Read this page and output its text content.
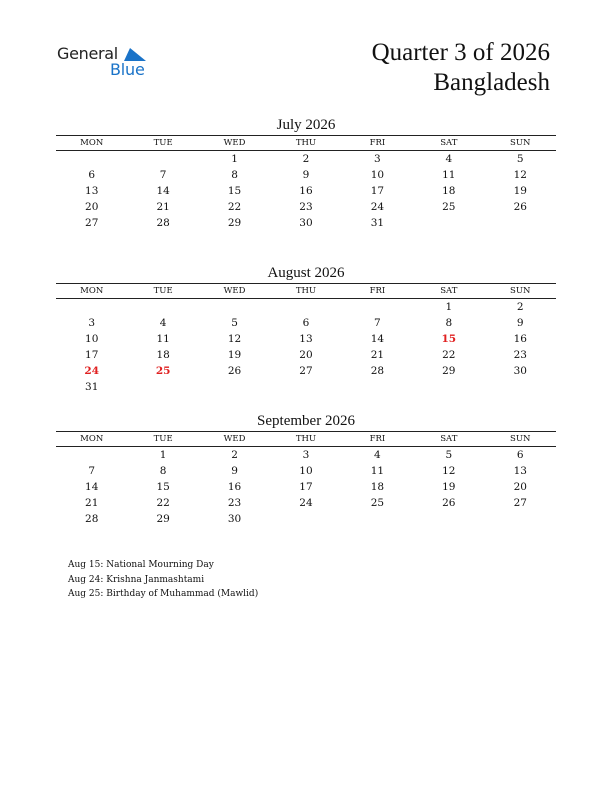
General
Blue
Quarter 3 of 2026
Bangladesh
July 2026
MON	TUE	WED	THU	FRI	SAT	SUN
		1	2	3	4	5
6	7	8	9	10	11	12
13	14	15	16	17	18	19
20	21	22	23	24	25	26
27	28	29	30	31		
August 2026
MON	TUE	WED	THU	FRI	SAT	SUN
					1	2
3	4	5	6	7	8	9
10	11	12	13	14	15	16
17	18	19	20	21	22	23
24	25	26	27	28	29	30
31						
September 2026
MON	TUE	WED	THU	FRI	SAT	SUN
	1	2	3	4	5	6
7	8	9	10	11	12	13
14	15	16	17	18	19	20
21	22	23	24	25	26	27
28	29	30				
Aug 15: National Mourning Day
Aug 24: Krishna Janmashtami
Aug 25: Birthday of Muhammad (Mawlid)
